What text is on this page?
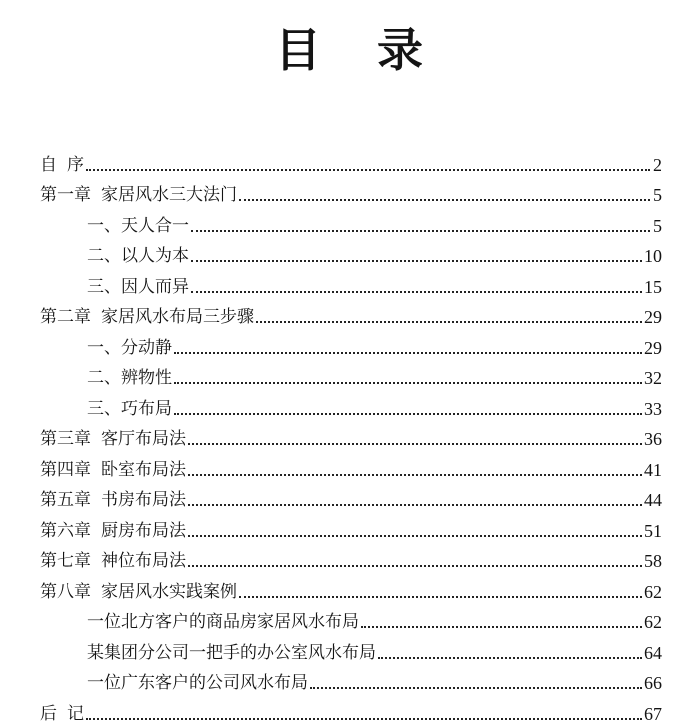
目 录
自 序	2
第一章 家居风水三大法门	5
一、天人合一	5
二、以人为本	10
三、因人而异	15
第二章 家居风水布局三步骤	29
一、分动静	29
二、辨物性	32
三、巧布局	33
第三章 客厅布局法	36
第四章 卧室布局法	41
第五章 书房布局法	44
第六章 厨房布局法	51
第七章 神位布局法	58
第八章 家居风水实践案例	62
一位北方客户的商品房家居风水布局	62
某集团分公司一把手的办公室风水布局	64
一位广东客户的公司风水布局	66
后 记	67
